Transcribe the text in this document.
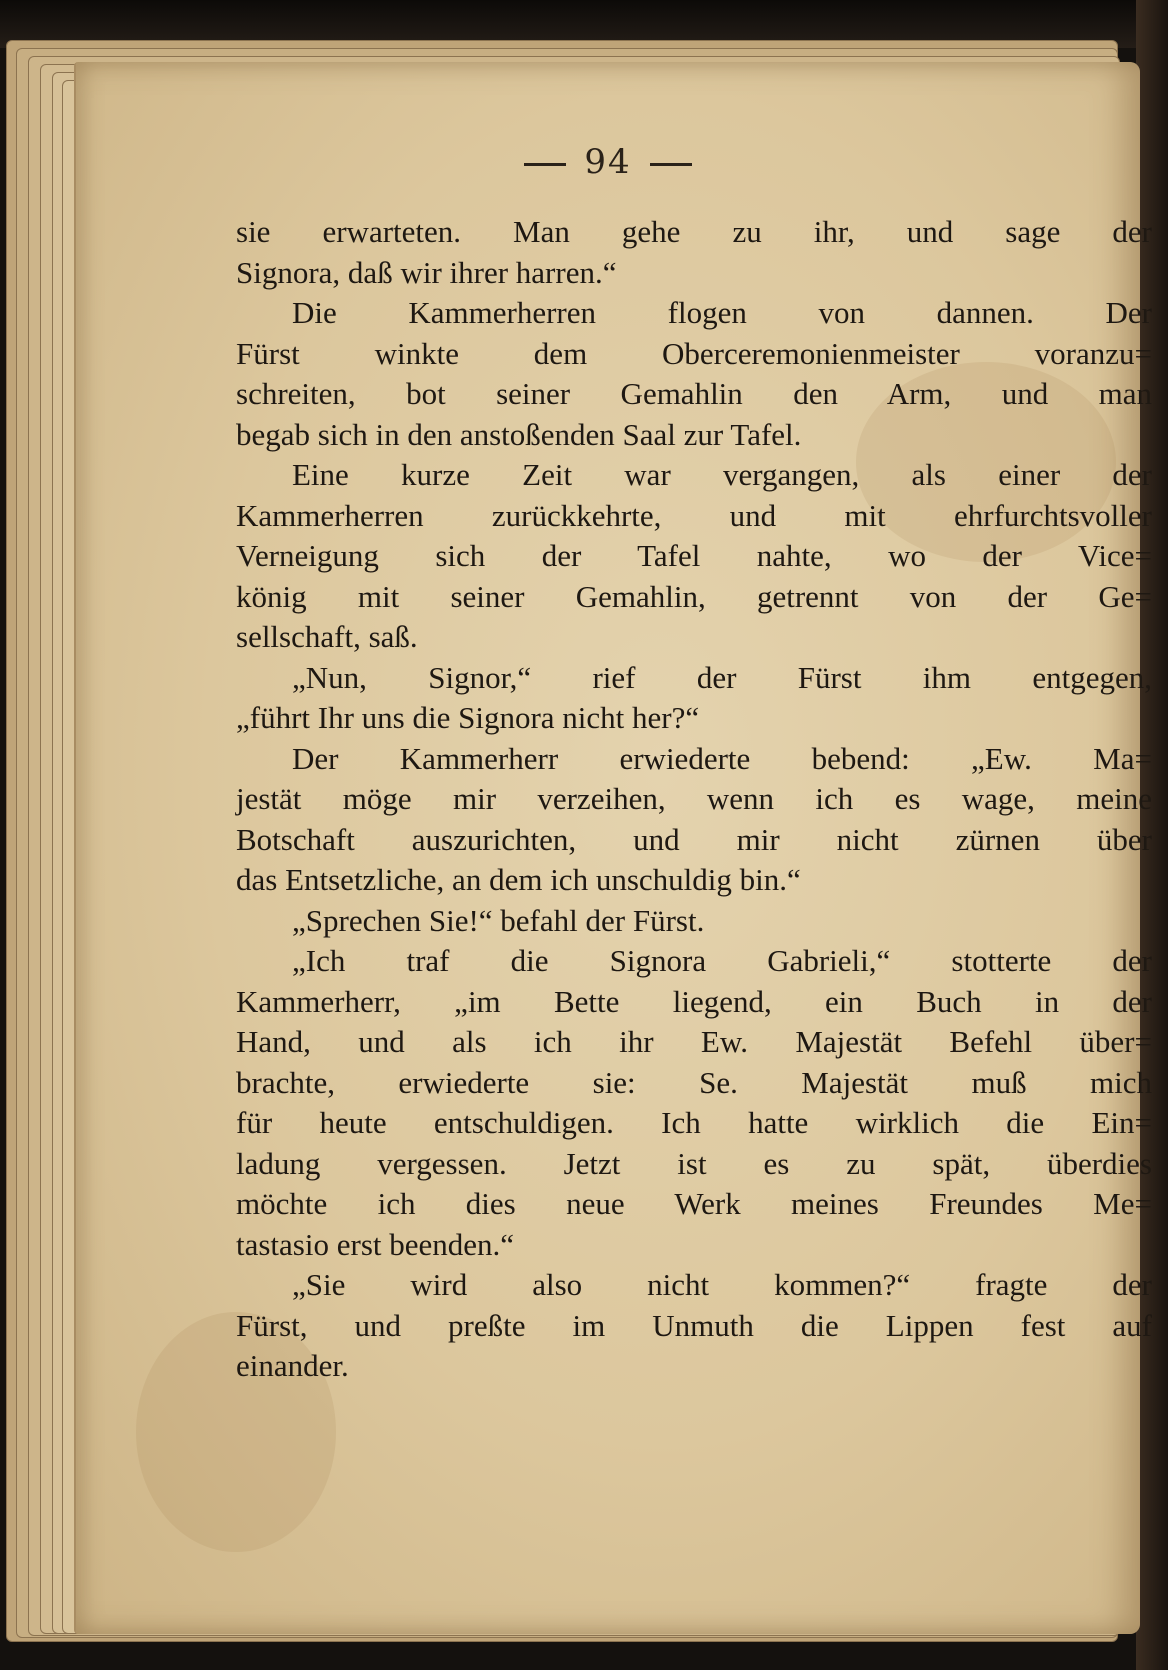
94
sie erwarteten. Man gehe zu ihr, und sage der
Signora, daß wir ihrer harren.“
Die Kammerherren flogen von dannen. Der
Fürst winkte dem Oberceremonienmeister voranzu=
schreiten, bot seiner Gemahlin den Arm, und man
begab sich in den anstoßenden Saal zur Tafel.
Eine kurze Zeit war vergangen, als einer der
Kammerherren zurückkehrte, und mit ehrfurchtsvoller
Verneigung sich der Tafel nahte, wo der Vice=
könig mit seiner Gemahlin, getrennt von der Ge=
sellschaft, saß.
„Nun, Signor,“ rief der Fürst ihm entgegen,
„führt Ihr uns die Signora nicht her?“
Der Kammerherr erwiederte bebend: „Ew. Ma=
jestät möge mir verzeihen, wenn ich es wage, meine
Botschaft auszurichten, und mir nicht zürnen über
das Entsetzliche, an dem ich unschuldig bin.“
„Sprechen Sie!“ befahl der Fürst.
„Ich traf die Signora Gabrieli,“ stotterte der
Kammerherr, „im Bette liegend, ein Buch in der
Hand, und als ich ihr Ew. Majestät Befehl über=
brachte, erwiederte sie: Se. Majestät muß mich
für heute entschuldigen. Ich hatte wirklich die Ein=
ladung vergessen. Jetzt ist es zu spät, überdies
möchte ich dies neue Werk meines Freundes Me=
tastasio erst beenden.“
„Sie wird also nicht kommen?“ fragte der
Fürst, und preßte im Unmuth die Lippen fest auf
einander.
